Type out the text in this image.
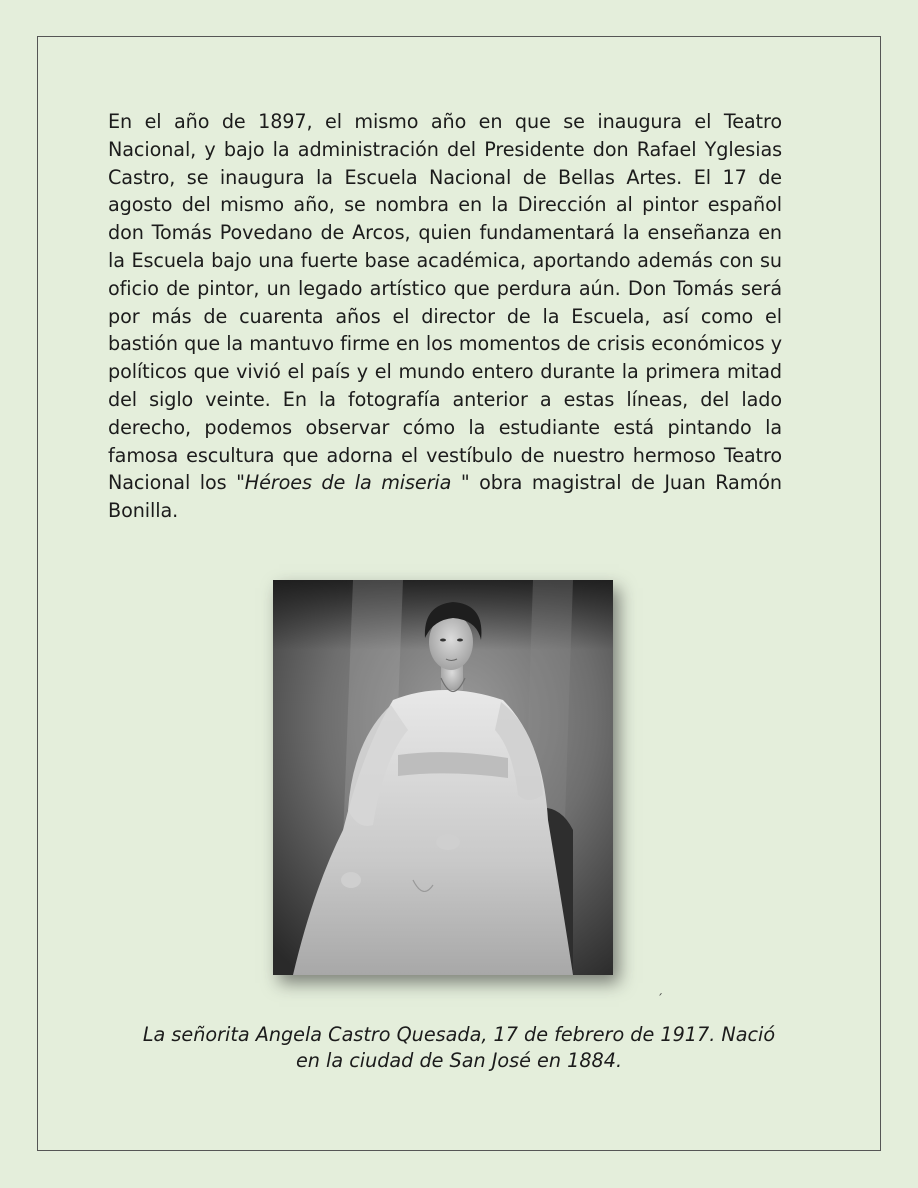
En el año de 1897, el mismo año en que se inaugura el Teatro Nacional, y bajo la administración del Presidente don Rafael Yglesias Castro, se inaugura la Escuela Nacional de Bellas Artes. El 17 de agosto del mismo año, se nombra en la Dirección al pintor español don Tomás Povedano de Arcos, quien fundamentará la enseñanza en la Escuela bajo una fuerte base académica, aportando además con su oficio de pintor, un legado artístico que perdura aún. Don Tomás será por más de cuarenta años el director de la Escuela, así como el bastión que la mantuvo firme en los momentos de crisis económicos y políticos que vivió el país y el mundo entero durante la primera mitad del siglo veinte. En la fotografía anterior a estas líneas, del lado derecho, podemos observar cómo la estudiante está pintando la famosa escultura que adorna el vestíbulo de nuestro hermoso Teatro Nacional los "Héroes de la miseria " obra magistral de Juan Ramón Bonilla.

´

La señorita Angela Castro Quesada, 17 de febrero de 1917. Nació
en la ciudad de San José en 1884.
